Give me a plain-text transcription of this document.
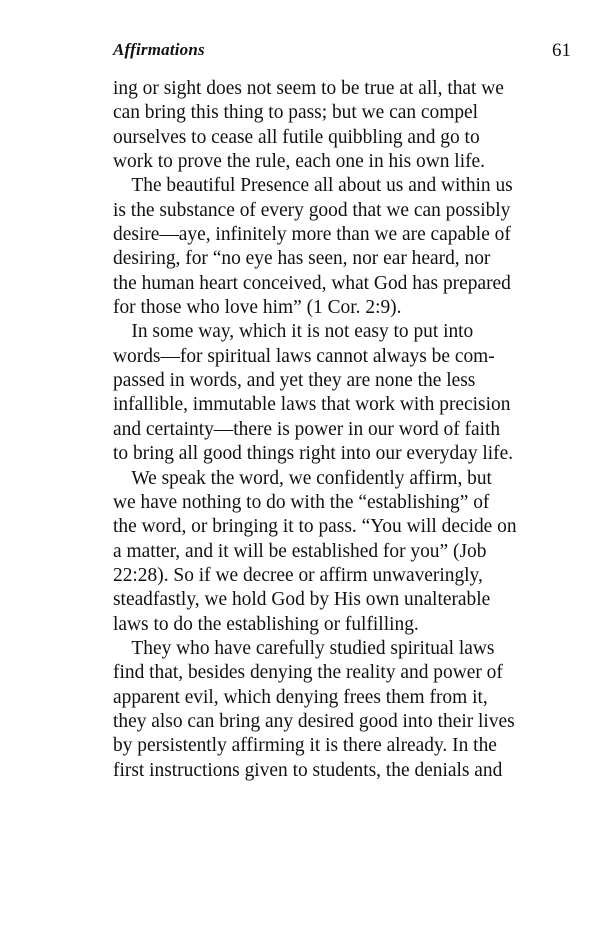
Affirmations	61

ing or sight does not seem to be true at all, that we
can bring this thing to pass; but we can compel
ourselves to cease all futile quibbling and go to
work to prove the rule, each one in his own life.

The beautiful Presence all about us and within us
is the substance of every good that we can possibly
desire—aye, infinitely more than we are capable of
desiring, for “no eye has seen, nor ear heard, nor
the human heart conceived, what God has prepared
for those who love him” (1 Cor. 2:9).

In some way, which it is not easy to put into
words—for spiritual laws cannot always be com-
passed in words, and yet they are none the less
infallible, immutable laws that work with precision
and certainty—there is power in our word of faith
to bring all good things right into our everyday life.

We speak the word, we confidently affirm, but
we have nothing to do with the “establishing” of
the word, or bringing it to pass. “You will decide on
a matter, and it will be established for you” (Job
22:28). So if we decree or affirm unwaveringly,
steadfastly, we hold God by His own unalterable
laws to do the establishing or fulfilling.

They who have carefully studied spiritual laws
find that, besides denying the reality and power of
apparent evil, which denying frees them from it,
they also can bring any desired good into their lives
by persistently affirming it is there already. In the
first instructions given to students, the denials and
